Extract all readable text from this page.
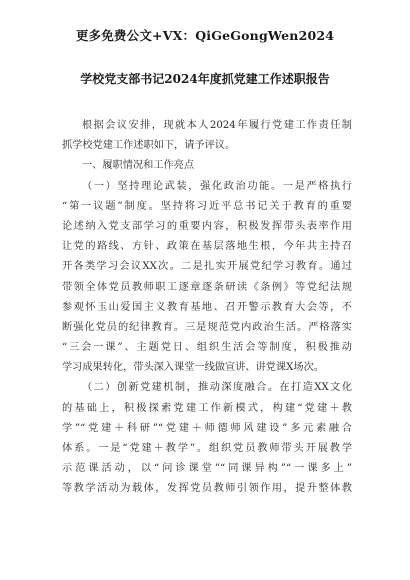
更多免费公文+VX：QiGeGongWen2024
学校党支部书记2024年度抓党建工作述职报告
根据会议安排，现就本人2024年履行党建工作责任制
抓学校党建工作述职如下，请予评议。
一、履职情况和工作亮点
（一）坚持理论武装，强化政治功能。一是严格执行
“第一议题”制度。坚持将习近平总书记关于教育的重要
论述纳入党支部学习的重要内容，积极发挥带头表率作用
让党的路线、方针、政策在基层落地生根，今年共主持召
开各类学习会议XX次。二是扎实开展党纪学习教育。通过
带领全体党员教师职工逐章逐条研读《条例》等党纪法规
参观怀玉山爱国主义教育基地、召开警示教育大会等，不
断强化党员的纪律教育。三是规范党内政治生活。严格落实
“三会一课”、主题党日、组织生活会等制度，积极推动
学习成果转化，带头深入课堂一线做宣讲、讲党课X场次。
（二）创新党建机制，推动深度融合。在打造XX文化
的基础上，积极探索党建工作新模式，构建“党建＋教
学”“党建＋科研”“党建＋师德师风建设”多元素融合
体系。一是“党建＋教学”。组织党员教师带头开展教学
示范课活动，以“问诊课堂”“同课异构”“一课多上”
等教学活动为载体，发挥党员教师引领作用，提升整体教
